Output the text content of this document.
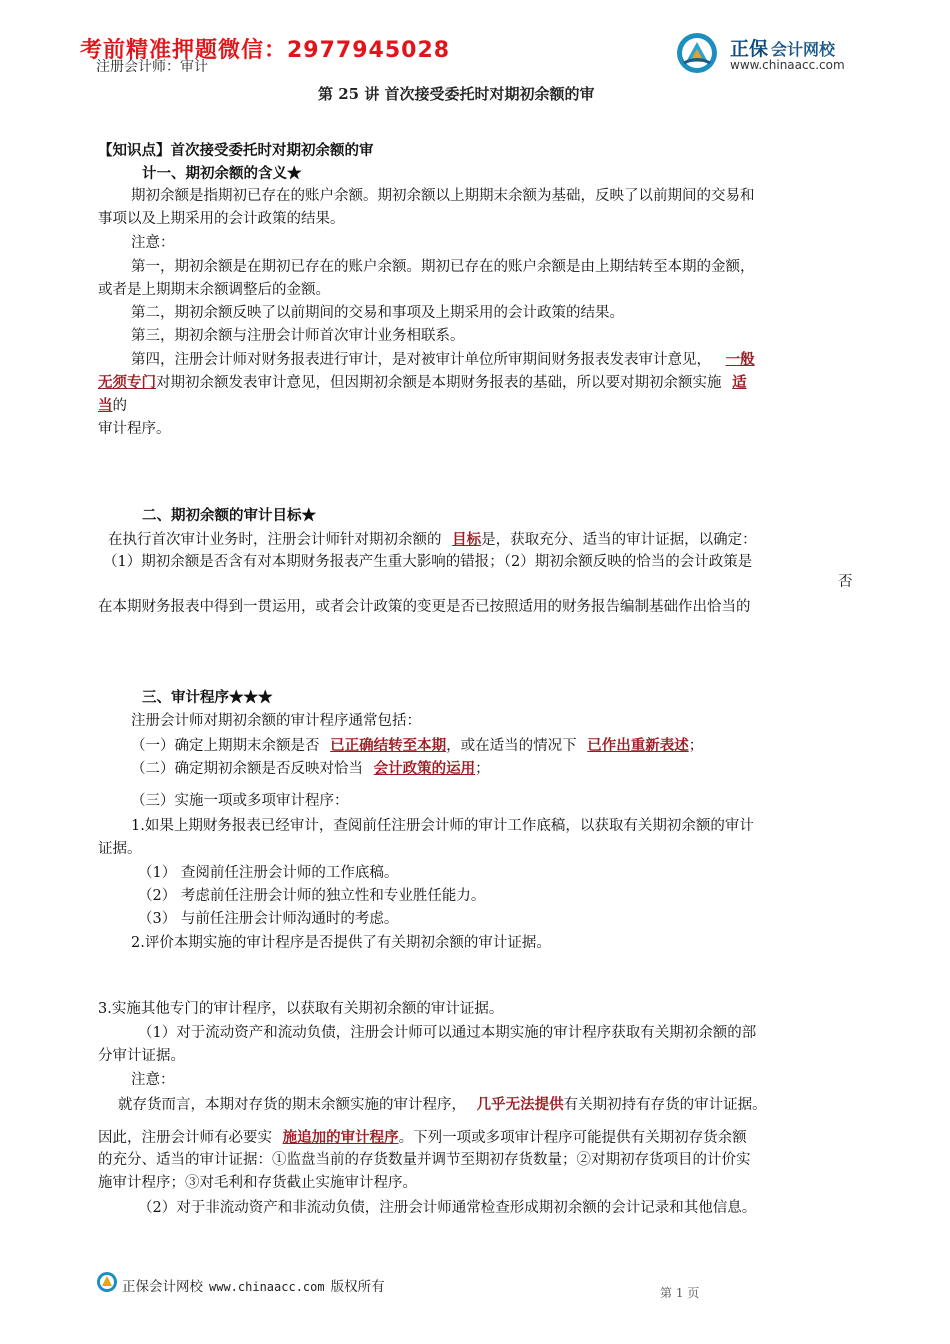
考前精准押题微信：2977945028	正保 会计网校
www.chinaacc.com
注册会计师：审计
第 25 讲 首次接受委托时对期初余额的审
【知识点】首次接受委托时对期初余额的审
计一、期初余额的含义★
期初余额是指期初已存在的账户余额。期初余额以上期期末余额为基础，反映了以前期间的交易和
事项以及上期采用的会计政策的结果。
注意：
第一，期初余额是在期初已存在的账户余额。期初已存在的账户余额是由上期结转至本期的金额，
或者是上期期末余额调整后的金额。
第二，期初余额反映了以前期间的交易和事项及上期采用的会计政策的结果。
第三，期初余额与注册会计师首次审计业务相联系。
第四，注册会计师对财务报表进行审计，是对被审计单位所审期间财务报表发表审计意见， 一般
无须专门对期初余额发表审计意见，但因期初余额是本期财务报表的基础，所以要对期初余额实施 适
当的
审计程序。
二、期初余额的审计目标★
在执行首次审计业务时，注册会计师针对期初余额的 目标是，获取充分、适当的审计证据，以确定：
（1）期初余额是否含有对本期财务报表产生重大影响的错报；（2）期初余额反映的恰当的会计政策是
否
在本期财务报表中得到一贯运用，或者会计政策的变更是否已按照适用的财务报告编制基础作出恰当的
三、审计程序★★★
注册会计师对期初余额的审计程序通常包括：
（一）确定上期期末余额是否 已正确结转至本期，或在适当的情况下 已作出重新表述；
（二）确定期初余额是否反映对恰当 会计政策的运用；
（三）实施一项或多项审计程序：
1.如果上期财务报表已经审计，查阅前任注册会计师的审计工作底稿，以获取有关期初余额的审计
证据。
（1） 查阅前任注册会计师的工作底稿。
（2） 考虑前任注册会计师的独立性和专业胜任能力。
（3） 与前任注册会计师沟通时的考虑。
2.评价本期实施的审计程序是否提供了有关期初余额的审计证据。
3.实施其他专门的审计程序，以获取有关期初余额的审计证据。
（1）对于流动资产和流动负债，注册会计师可以通过本期实施的审计程序获取有关期初余额的部
分审计证据。
注意：
就存货而言，本期对存货的期末余额实施的审计程序， 几乎无法提供有关期初持有存货的审计证据。
因此，注册会计师有必要实 施追加的审计程序。下列一项或多项审计程序可能提供有关期初存货余额
的充分、适当的审计证据：①监盘当前的存货数量并调节至期初存货数量；②对期初存货项目的计价实
施审计程序；③对毛利和存货截止实施审计程序。
（2）对于非流动资产和非流动负债，注册会计师通常检查形成期初余额的会计记录和其他信息。
正保会计网校 www.chinaacc.com 版权所有	第 1 页
